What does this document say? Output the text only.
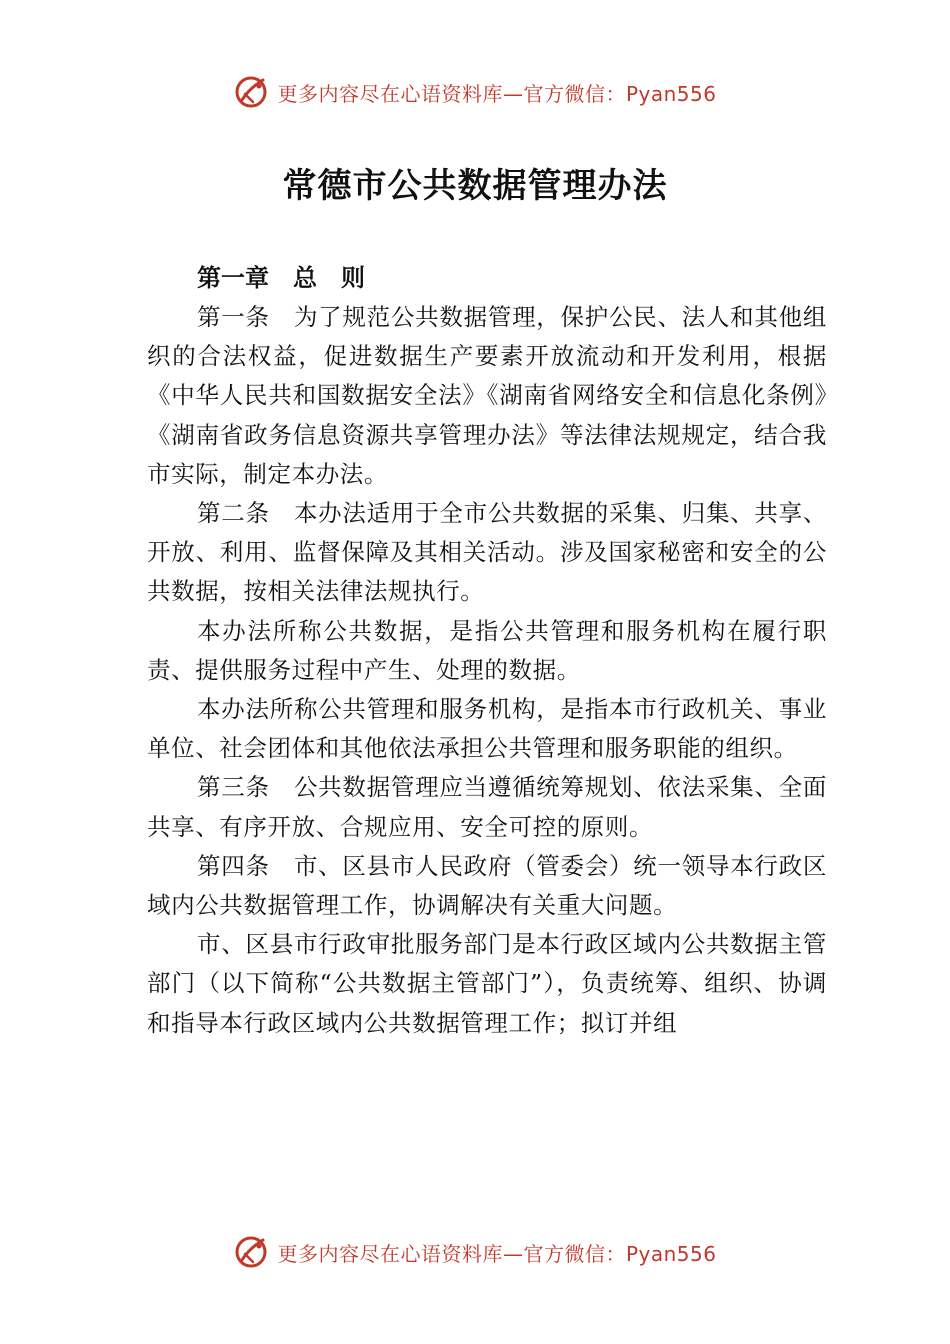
更多内容尽在心语资料库—官方微信：Pyan556
常德市公共数据管理办法
第一章　总　则

第一条　为了规范公共数据管理，保护公民、法人和其他组织的合法权益，促进数据生产要素开放流动和开发利用，根据《中华人民共和国数据安全法》《湖南省网络安全和信息化条例》《湖南省政务信息资源共享管理办法》等法律法规规定，结合我市实际，制定本办法。

第二条　本办法适用于全市公共数据的采集、归集、共享、开放、利用、监督保障及其相关活动。涉及国家秘密和安全的公共数据，按相关法律法规执行。

本办法所称公共数据，是指公共管理和服务机构在履行职责、提供服务过程中产生、处理的数据。

本办法所称公共管理和服务机构，是指本市行政机关、事业单位、社会团体和其他依法承担公共管理和服务职能的组织。

第三条　公共数据管理应当遵循统筹规划、依法采集、全面共享、有序开放、合规应用、安全可控的原则。

第四条　市、区县市人民政府（管委会）统一领导本行政区域内公共数据管理工作，协调解决有关重大问题。

市、区县市行政审批服务部门是本行政区域内公共数据主管部门（以下简称“公共数据主管部门”），负责统筹、组织、协调和指导本行政区域内公共数据管理工作；拟订并组

更多内容尽在心语资料库—官方微信：Pyan556
